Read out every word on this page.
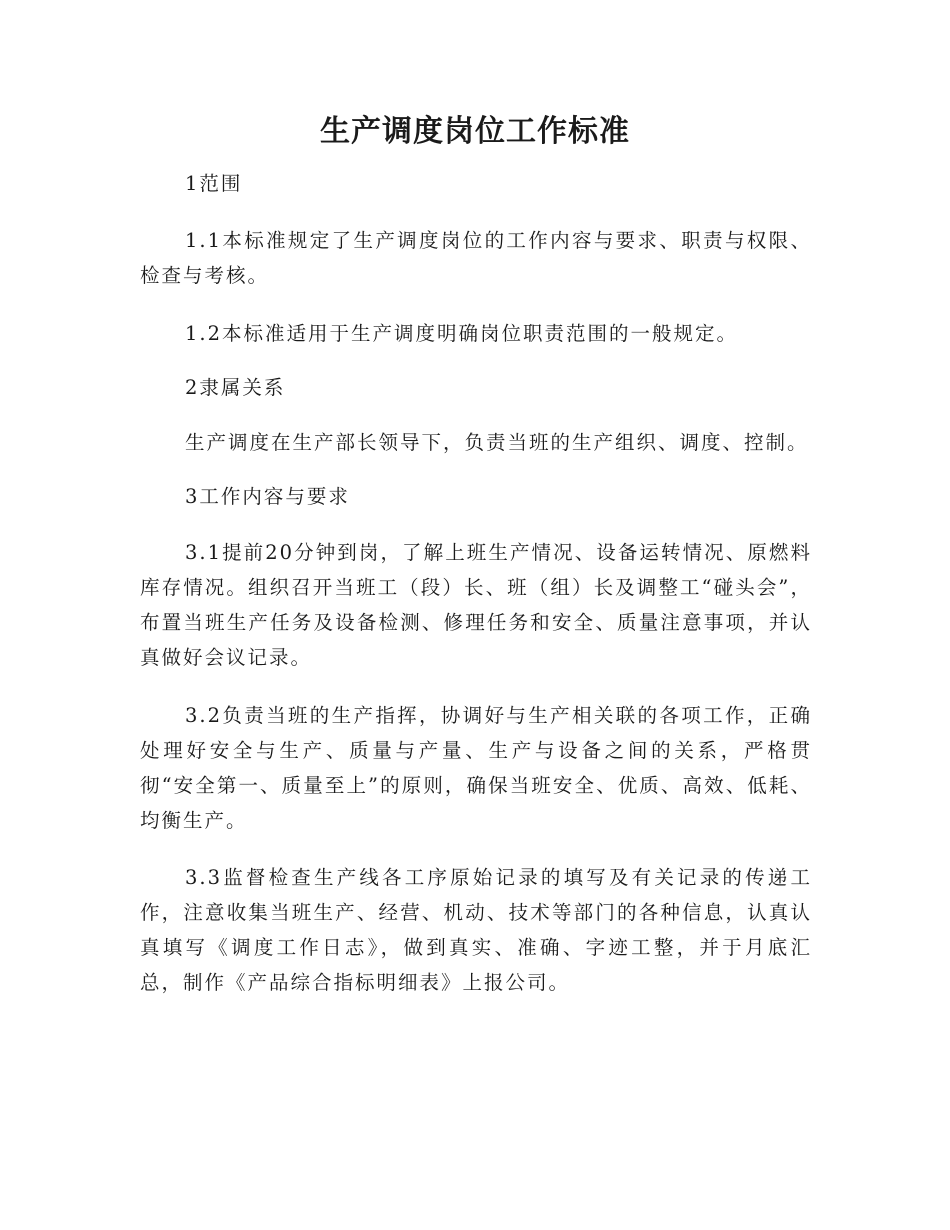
生产调度岗位工作标准

1范围

1.1本标准规定了生产调度岗位的工作内容与要求、职责与权限、检查与考核。

1.2本标准适用于生产调度明确岗位职责范围的一般规定。

2隶属关系

生产调度在生产部长领导下，负责当班的生产组织、调度、控制。

3工作内容与要求

3.1提前20分钟到岗，了解上班生产情况、设备运转情况、原燃料库存情况。组织召开当班工（段）长、班（组）长及调整工“碰头会”，布置当班生产任务及设备检测、修理任务和安全、质量注意事项，并认真做好会议记录。

3.2负责当班的生产指挥，协调好与生产相关联的各项工作，正确处理好安全与生产、质量与产量、生产与设备之间的关系，严格贯彻“安全第一、质量至上”的原则，确保当班安全、优质、高效、低耗、均衡生产。

3.3监督检查生产线各工序原始记录的填写及有关记录的传递工作，注意收集当班生产、经营、机动、技术等部门的各种信息，认真认真填写《调度工作日志》，做到真实、准确、字迹工整，并于月底汇总，制作《产品综合指标明细表》上报公司。
